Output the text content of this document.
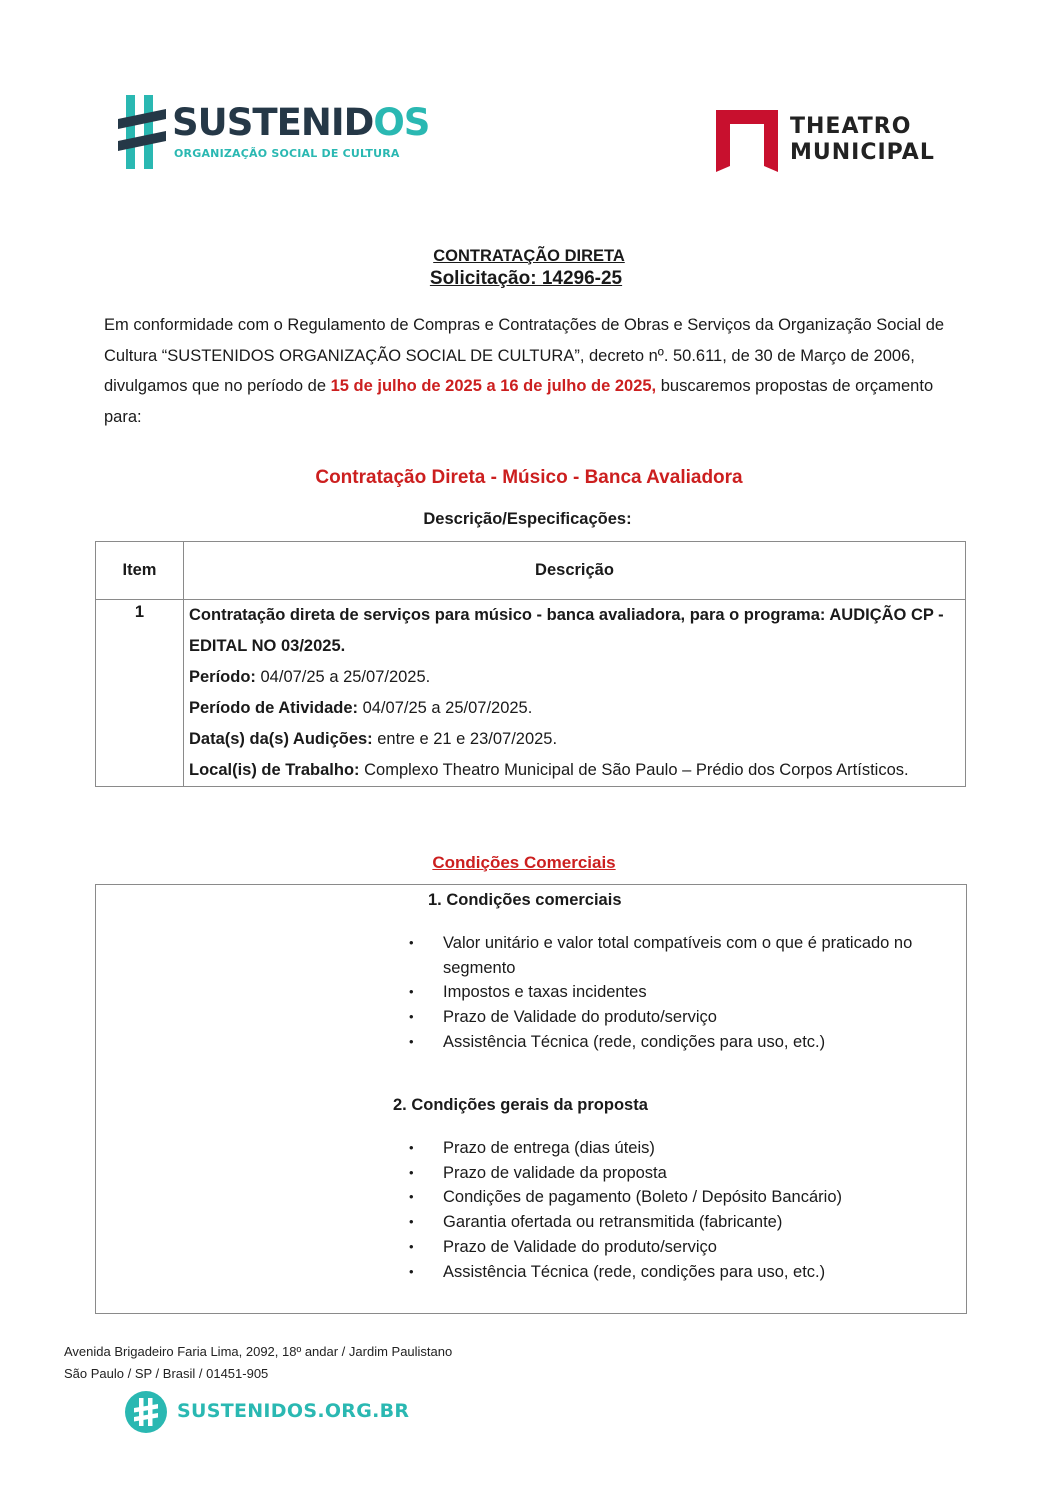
SUSTENIDOS
ORGANIZAÇÃO SOCIAL DE CULTURA
THEATRO
MUNICIPAL
CONTRATAÇÃO DIRETA
Solicitação: 14296-25
Em conformidade com o Regulamento de Compras e Contratações de Obras e Serviços da Organização Social de Cultura “SUSTENIDOS ORGANIZAÇÃO SOCIAL DE CULTURA”, decreto nº. 50.611, de 30 de Março de 2006, divulgamos que no período de 15 de julho de 2025 a 16 de julho de 2025, buscaremos propostas de orçamento para:
Contratação Direta - Músico - Banca Avaliadora
Descrição/Especificações:
Item	Descrição
1	Contratação direta de serviços para músico - banca avaliadora, para o programa: AUDIÇÃO CP - EDITAL NO 03/2025.

Período: 04/07/25 a 25/07/2025.

Período de Atividade: 04/07/25 a 25/07/2025.

Data(s) da(s) Audições: entre e 21 e 23/07/2025.

Local(is) de Trabalho: Complexo Theatro Municipal de São Paulo – Prédio dos Corpos Artísticos.

Condições Comerciais
1. Condições comerciais
• Valor unitário e valor total compatíveis com o que é praticado no segmento
• Impostos e taxas incidentes
• Prazo de Validade do produto/serviço
• Assistência Técnica (rede, condições para uso, etc.)
2. Condições gerais da proposta
• Prazo de entrega (dias úteis)
• Prazo de validade da proposta
• Condições de pagamento (Boleto / Depósito Bancário)
• Garantia ofertada ou retransmitida (fabricante)
• Prazo de Validade do produto/serviço
• Assistência Técnica (rede, condições para uso, etc.)
Avenida Brigadeiro Faria Lima, 2092, 18º andar / Jardim Paulistano
São Paulo / SP / Brasil / 01451-905
SUSTENIDOS.ORG.BR
